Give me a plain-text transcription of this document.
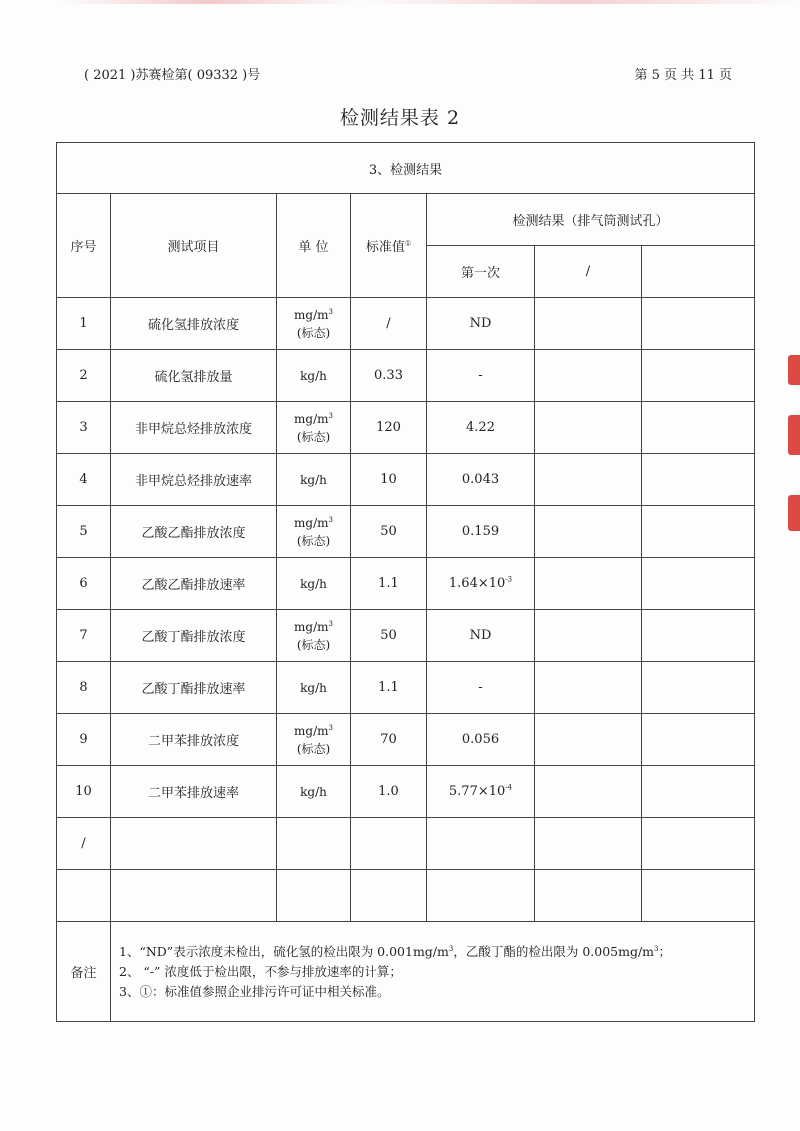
( 2021 )苏赛检第( 09332 )号	第 5 页 共 11 页
检测结果表 2
3、检测结果						
序号	测试项目	单 位	标准值①	检测结果（排气筒测试孔）		
				第一次	/	
1	硫化氢排放浓度	$mg/m^3$
(标态)	/	ND		
2	硫化氢排放量	kg/h	0.33	-		
3	非甲烷总烃排放浓度	$mg/m^3$
(标态)	120	4.22		
4	非甲烷总烃排放速率	kg/h	10	0.043		
5	乙酸乙酯排放浓度	$mg/m^3$
(标态)	50	0.159		
6	乙酸乙酯排放速率	kg/h	1.1	$1.64\times 10^{-3}$		
7	乙酸丁酯排放浓度	$mg/m^3$
(标态)	50	ND		
8	乙酸丁酯排放速率	kg/h	1.1	-		
9	二甲苯排放浓度	$mg/m^3$
(标态)	70	0.056		
10	二甲苯排放速率	kg/h	1.0	$5.77\times 10^{-4}$		
/		

备注	1、“ND”表示浓度未检出，硫化氢的检出限为 $0.001mg/m^3$，乙酸丁酯的检出限为 $0.005mg/m^3$；
2、 “-” 浓度低于检出限，不参与排放速率的计算；
3、①：标准值参照企业排污许可证中相关标准。					
